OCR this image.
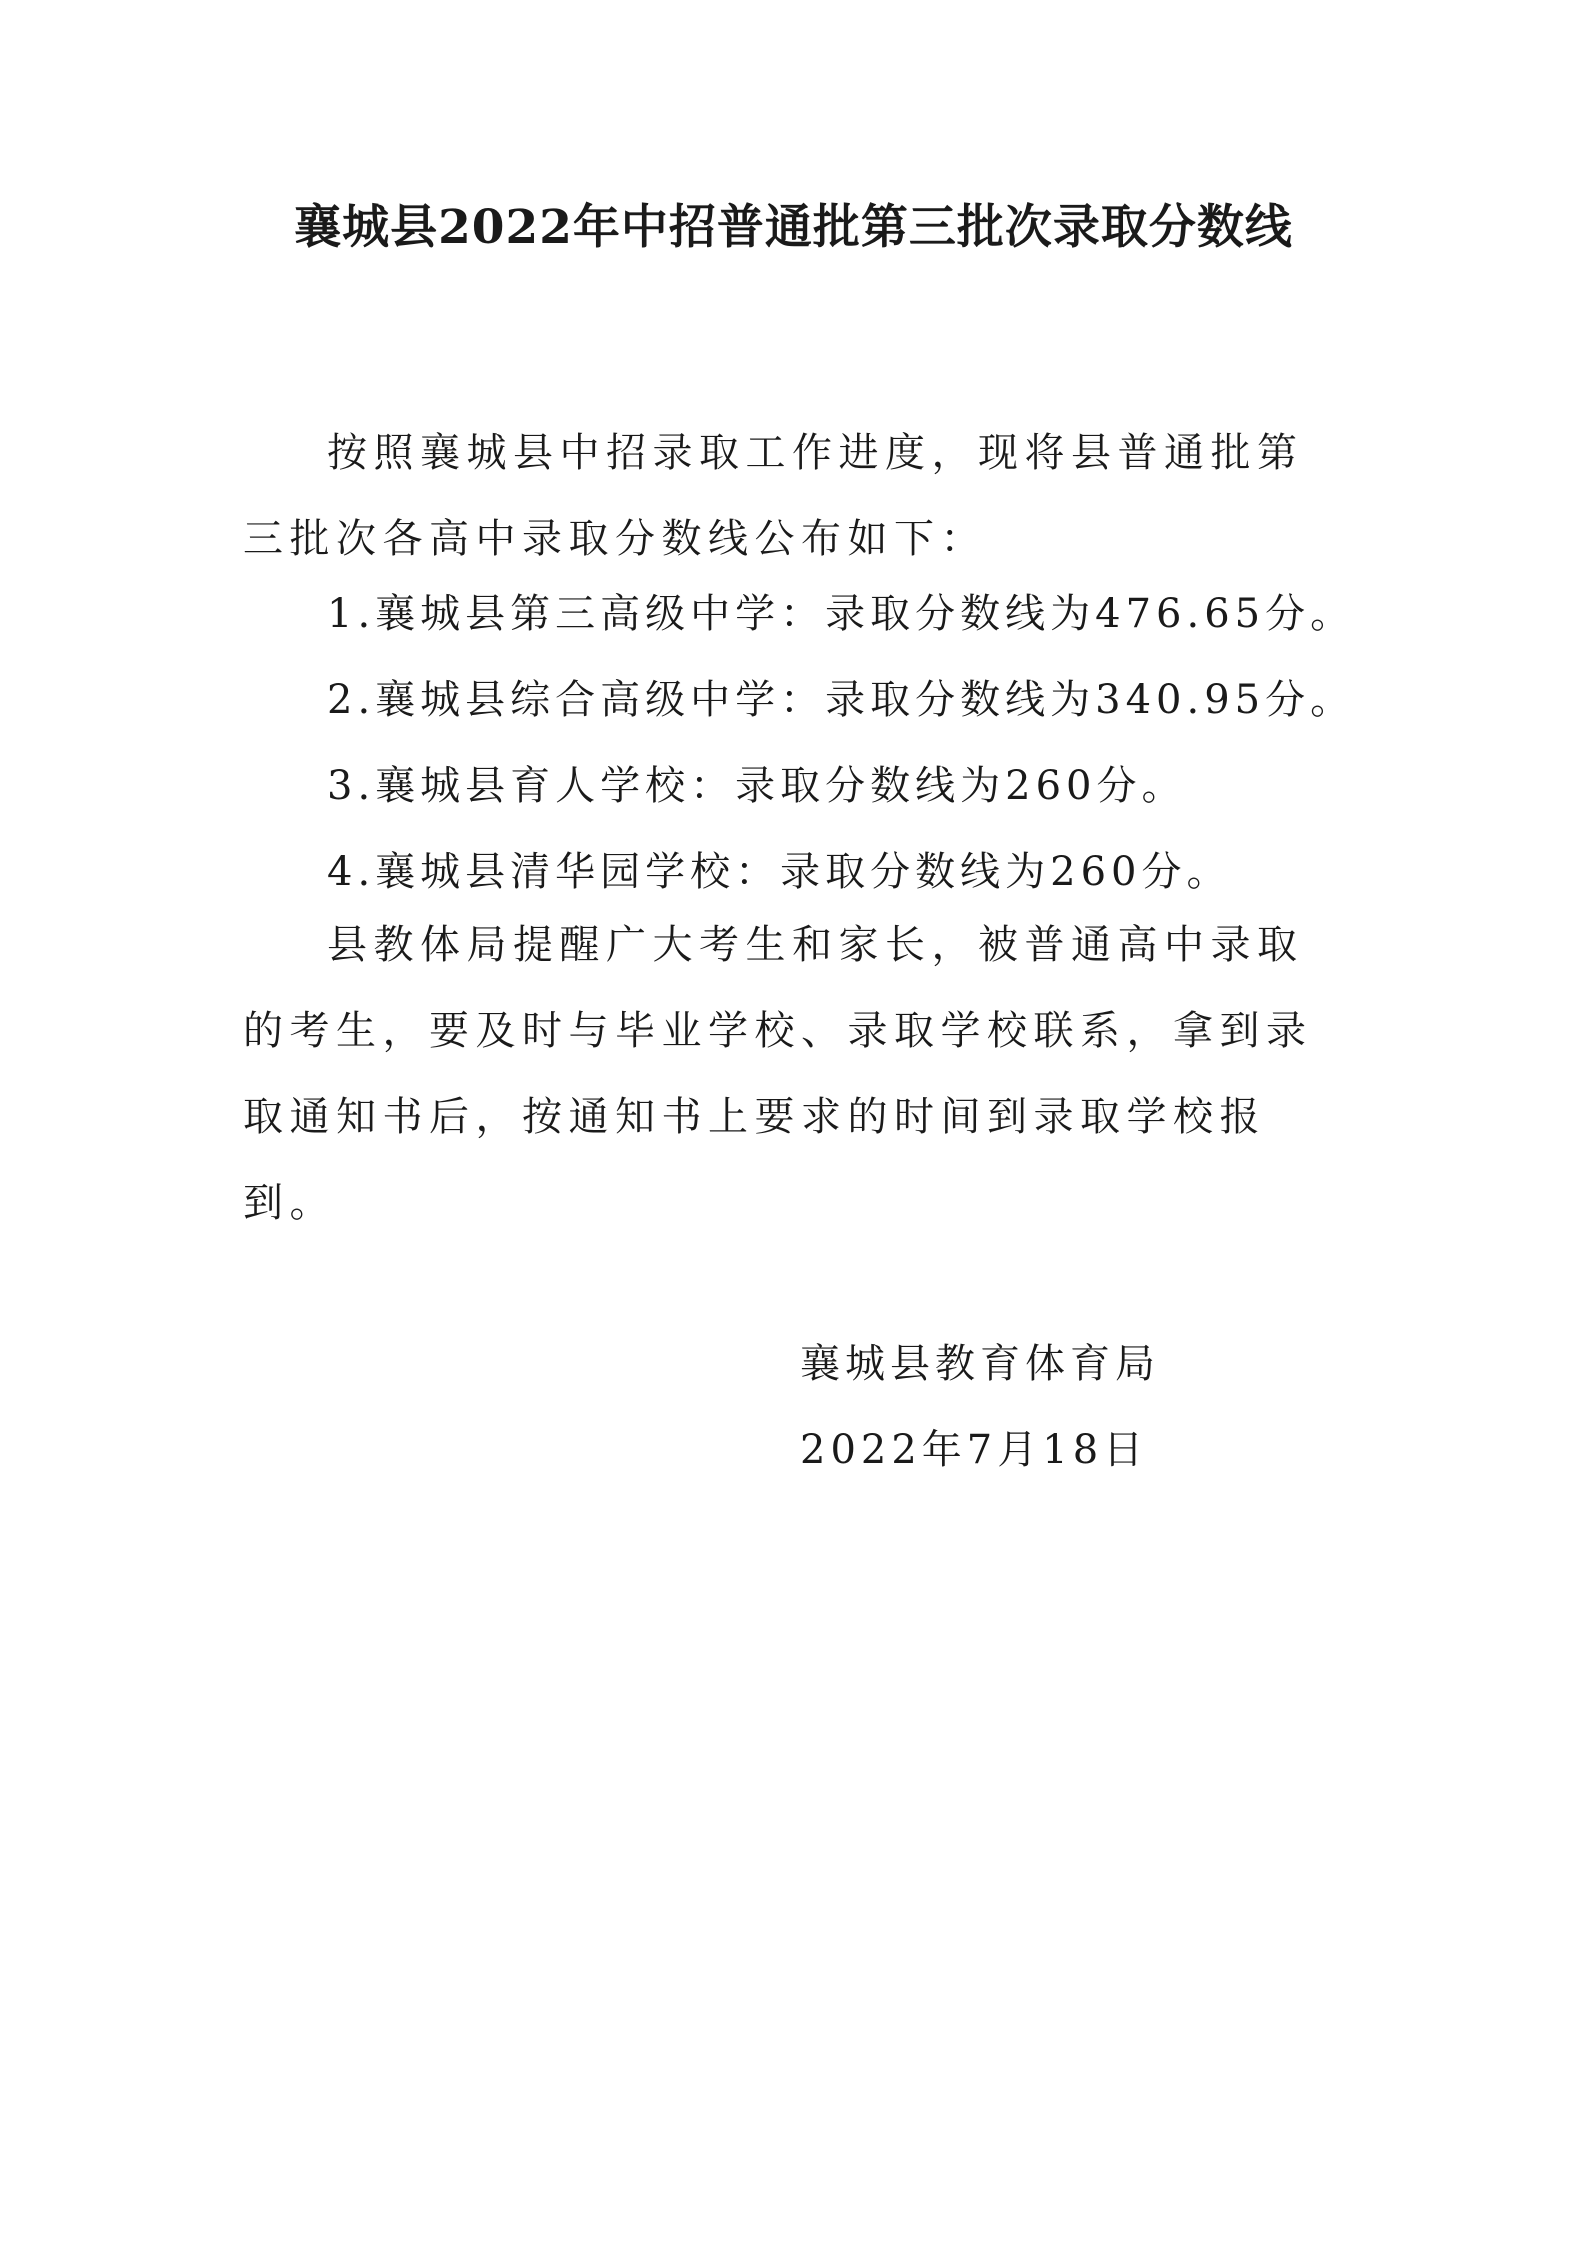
襄城县2022年中招普通批第三批次录取分数线

按照襄城县中招录取工作进度，现将县普通批第三批次各高中录取分数线公布如下：

1.襄城县第三高级中学：录取分数线为476.65分。

2.襄城县综合高级中学：录取分数线为340.95分。

3.襄城县育人学校：录取分数线为260分。

4.襄城县清华园学校：录取分数线为260分。

县教体局提醒广大考生和家长，被普通高中录取的考生，要及时与毕业学校、录取学校联系，拿到录取通知书后，按通知书上要求的时间到录取学校报到。

襄城县教育体育局

2022年7月18日
